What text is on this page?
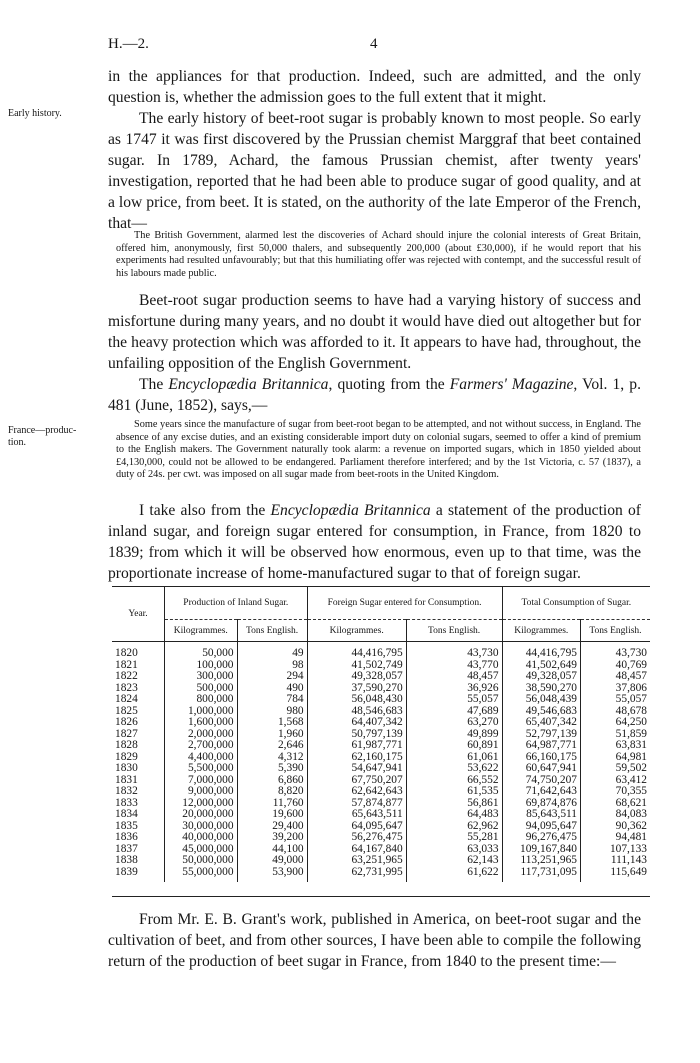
H.—2.	4
Early history.
France—produc-tion.

in the appliances for that production. Indeed, such are admitted, and the only question is, whether the admission goes to the full extent that it might.

The early history of beet-root sugar is probably known to most people. So early as 1747 it was first discovered by the Prussian chemist Marggraf that beet contained sugar. In 1789, Achard, the famous Prussian chemist, after twenty years' investigation, reported that he had been able to produce sugar of good quality, and at a low price, from beet. It is stated, on the authority of the late Emperor of the French, that—

The British Government, alarmed lest the discoveries of Achard should injure the colonial interests of Great Britain, offered him, anonymously, first 50,000 thalers, and subsequently 200,000 (about £30,000), if he would report that his experiments had resulted unfavourably; but that this humiliating offer was rejected with contempt, and the successful result of his labours made public.

Beet-root sugar production seems to have had a varying history of success and misfortune during many years, and no doubt it would have died out altogether but for the heavy protection which was afforded to it. It appears to have had, throughout, the unfailing opposition of the English Government.

The Encyclopædia Britannica, quoting from the Farmers' Magazine, Vol. 1, p. 481 (June, 1852), says,—

Some years since the manufacture of sugar from beet-root began to be attempted, and not without success, in England. The absence of any excise duties, and an existing considerable import duty on colonial sugars, seemed to offer a kind of premium to the English makers. The Government naturally took alarm: a revenue on imported sugars, which in 1850 yielded about £4,130,000, could not be allowed to be endangered. Parliament therefore interfered; and by the 1st Victoria, c. 57 (1837), a duty of 24s. per cwt. was imposed on all sugar made from beet-roots in the United Kingdom.

I take also from the Encyclopædia Britannica a statement of the production of inland sugar, and foreign sugar entered for consumption, in France, from 1820 to 1839; from which it will be observed how enormous, even up to that time, was the proportionate increase of home-manufactured sugar to that of foreign sugar.

Year.	Production of Inland Sugar.		Foreign Sugar entered for Consumption.		Total Consumption of Sugar.	
	Kilogrammes.	Tons English.	Kilogrammes.	Tons English.	Kilogrammes.	Tons English.
1820	50,000	49	44,416,795	43,730	44,416,795	43,730
1821	100,000	98	41,502,749	43,770	41,502,649	40,769
1822	300,000	294	49,328,057	48,457	49,328,057	48,457
1823	500,000	490	37,590,270	36,926	38,590,270	37,806
1824	800,000	784	56,048,430	55,057	56,048,439	55,057
1825	1,000,000	980	48,546,683	47,689	49,546,683	48,678
1826	1,600,000	1,568	64,407,342	63,270	65,407,342	64,250
1827	2,000,000	1,960	50,797,139	49,899	52,797,139	51,859
1828	2,700,000	2,646	61,987,771	60,891	64,987,771	63,831
1829	4,400,000	4,312	62,160,175	61,061	66,160,175	64,981
1830	5,500,000	5,390	54,647,941	53,622	60,647,941	59,502
1831	7,000,000	6,860	67,750,207	66,552	74,750,207	63,412
1832	9,000,000	8,820	62,642,643	61,535	71,642,643	70,355
1833	12,000,000	11,760	57,874,877	56,861	69,874,876	68,621
1834	20,000,000	19,600	65,643,511	64,483	85,643,511	84,083
1835	30,000,000	29,400	64,095,647	62,962	94,095,647	90,362
1836	40,000,000	39,200	56,276,475	55,281	96,276,475	94,481
1837	45,000,000	44,100	64,167,840	63,033	109,167,840	107,133
1838	50,000,000	49,000	63,251,965	62,143	113,251,965	111,143
1839	55,000,000	53,900	62,731,995	61,622	117,731,095	115,649

From Mr. E. B. Grant's work, published in America, on beet-root sugar and the cultivation of beet, and from other sources, I have been able to compile the following return of the production of beet sugar in France, from 1840 to the present time:—
